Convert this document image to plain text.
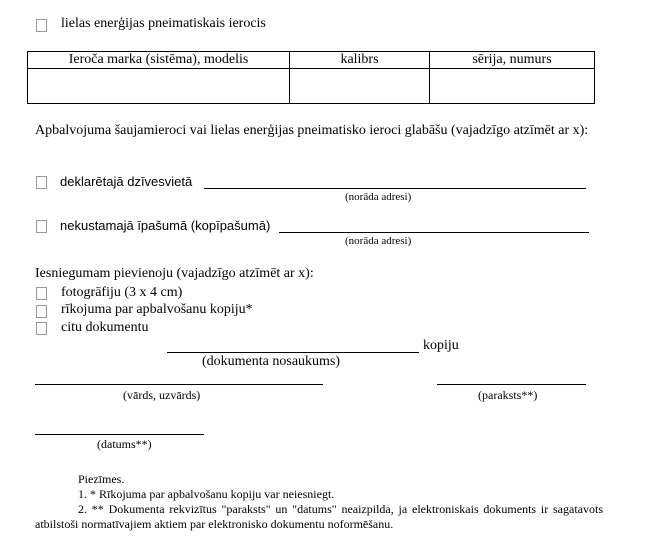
lielas enerģijas pneimatiskais ierocis
Ieroča marka (sistēma), modelis	kalibrs	sērija, numurs

Apbalvojuma šaujamieroci vai lielas enerģijas pneimatisko ieroci glabāšu (vajadzīgo atzīmēt ar x):
deklarētajā dzīvesvietā
(norāda adresi)
nekustamajā īpašumā (kopīpašumā)
(norāda adresi)
Iesniegumam pievienoju (vajadzīgo atzīmēt ar x):
fotogrāfiju (3 x 4 cm)
rīkojuma par apbalvošanu kopiju*
citu dokumentu
kopiju
(dokumenta nosaukums)
(vārds, uzvārds)	(paraksts**)
(datums**)

Piezīmes.

1. * Rīkojuma par apbalvošanu kopiju var neiesniegt.

2. ** Dokumenta rekvizītus "paraksts" un "datums" neaizpilda, ja elektroniskais dokuments ir sagatavots atbilstoši normatīvajiem aktiem par elektronisko dokumentu noformēšanu.
